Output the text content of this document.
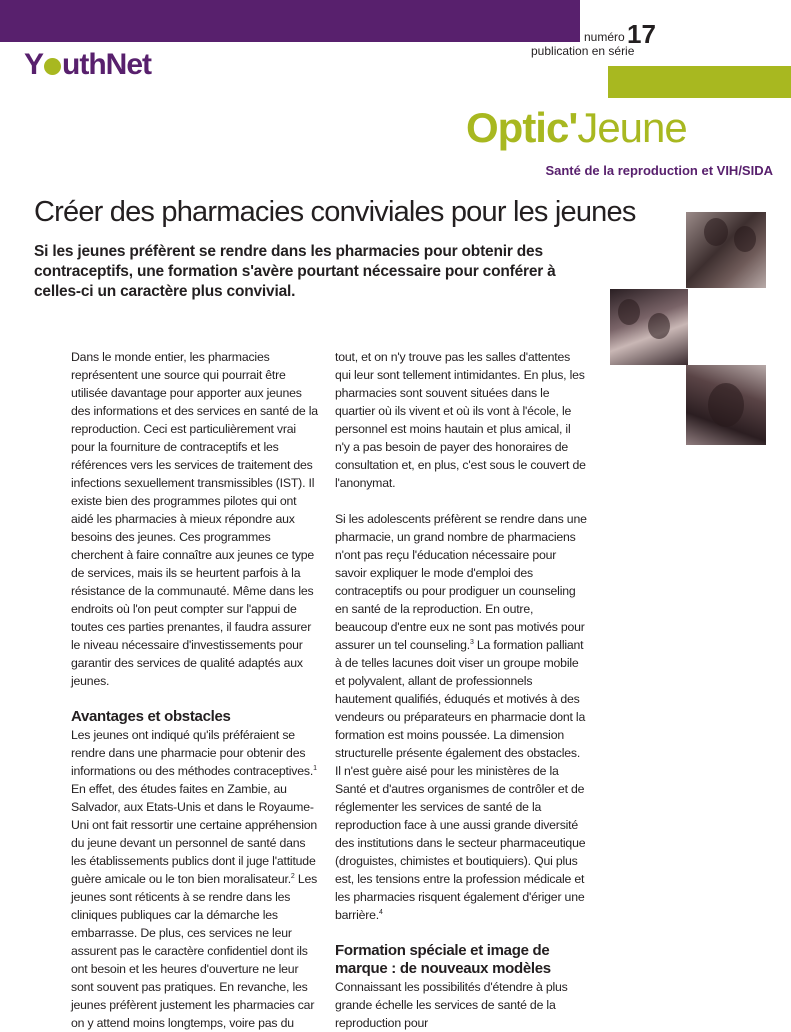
Y uthNet
numéro 17
publication en série
Optic'Jeune
Santé de la reproduction et VIH/SIDA
Créer des pharmacies conviviales pour les jeunes

Si les jeunes préfèrent se rendre dans les pharmacies pour obtenir des contraceptifs, une formation s'avère pourtant nécessaire pour conférer à celles-ci un caractère plus convivial.

Dans le monde entier, les pharmacies représentent une source qui pourrait être utilisée davantage pour apporter aux jeunes des informations et des services en santé de la reproduction. Ceci est particulièrement vrai pour la fourniture de contraceptifs et les références vers les services de traitement des infections sexuellement transmissibles (IST). Il existe bien des programmes pilotes qui ont aidé les pharmacies à mieux répondre aux besoins des jeunes. Ces programmes cherchent à faire connaître aux jeunes ce type de services, mais ils se heurtent parfois à la résistance de la communauté. Même dans les endroits où l'on peut compter sur l'appui de toutes ces parties prenantes, il faudra assurer le niveau nécessaire d'investissements pour garantir des services de qualité adaptés aux jeunes.

Avantages et obstacles

Les jeunes ont indiqué qu'ils préféraient se rendre dans une pharmacie pour obtenir des informations ou des méthodes contraceptives.$^1$ En effet, des études faites en Zambie, au Salvador, aux Etats-Unis et dans le Royaume-Uni ont fait ressortir une certaine appréhension du jeune devant un personnel de santé dans les établissements publics dont il juge l'attitude guère amicale ou le ton bien moralisateur.$^2$ Les jeunes sont réticents à se rendre dans les cliniques publiques car la démarche les embarrasse. De plus, ces services ne leur assurent pas le caractère confidentiel dont ils ont besoin et les heures d'ouverture ne leur sont souvent pas pratiques. En revanche, les jeunes préfèrent justement les pharmacies car on y attend moins longtemps, voire pas du

tout, et on n'y trouve pas les salles d'attentes qui leur sont tellement intimidantes. En plus, les pharmacies sont souvent situées dans le quartier où ils vivent et où ils vont à l'école, le personnel est moins hautain et plus amical, il n'y a pas besoin de payer des honoraires de consultation et, en plus, c'est sous le couvert de l'anonymat.

Si les adolescents préfèrent se rendre dans une pharmacie, un grand nombre de pharmaciens n'ont pas reçu l'éducation nécessaire pour savoir expliquer le mode d'emploi des contraceptifs ou pour prodiguer un counseling en santé de la reproduction. En outre, beaucoup d'entre eux ne sont pas motivés pour assurer un tel counseling.$^3$ La formation palliant à de telles lacunes doit viser un groupe mobile et polyvalent, allant de professionnels hautement qualifiés, éduqués et motivés à des vendeurs ou préparateurs en pharmacie dont la formation est moins poussée. La dimension structurelle présente également des obstacles. Il n'est guère aisé pour les ministères de la Santé et d'autres organismes de contrôler et de réglementer les services de santé de la reproduction face à une aussi grande diversité des institutions dans le secteur pharmaceutique (droguistes, chimistes et boutiquiers). Qui plus est, les tensions entre la profession médicale et les pharmacies risquent également d'ériger une barrière.$^4$

Formation spéciale et image de marque : de nouveaux modèles

Connaissant les possibilités d'étendre à plus grande échelle les services de santé de la reproduction pour
